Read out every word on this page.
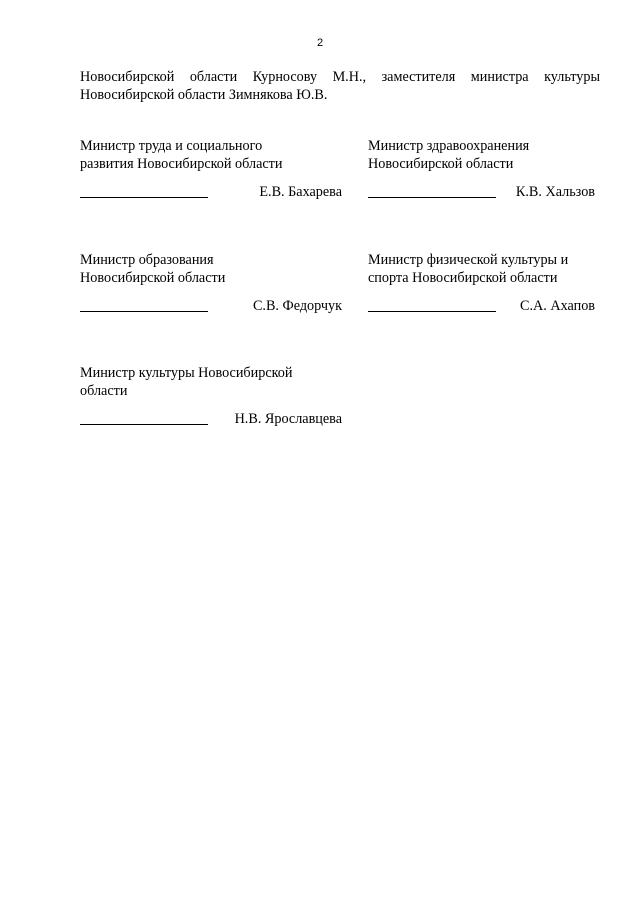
2
Новосибирской области Курносову М.Н., заместителя министра культуры
Новосибирской области Зимнякова Ю.В.
Министр труда и социального
развития Новосибирской области
Е.В. Бахарева
Министр здравоохранения
Новосибирской области
К.В. Хальзов
Министр образования
Новосибирской области
С.В. Федорчук
Министр физической культуры и
спорта Новосибирской области
С.А. Ахапов
Министр культуры Новосибирской
области
Н.В. Ярославцева
